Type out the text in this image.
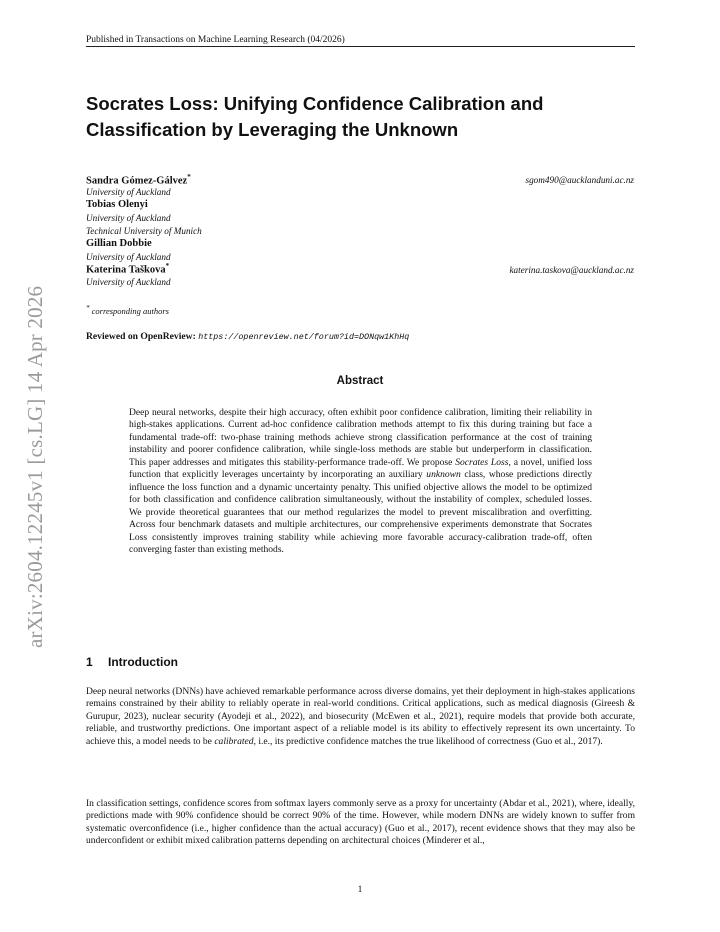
Published in Transactions on Machine Learning Research (04/2026)
arXiv:2604.12245v1 [cs.LG] 14 Apr 2026
Socrates Loss: Unifying Confidence Calibration and Classification by Leveraging the Unknown
Sandra Gómez-Gálvez*	sgom490@aucklanduni.ac.nz
University of Auckland
Tobias Olenyi
University of Auckland
Technical University of Munich
Gillian Dobbie
University of Auckland
Katerina Taškova*	katerina.taskova@auckland.ac.nz
University of Auckland
* corresponding authors
Reviewed on OpenReview: https://openreview.net/forum?id=DONqw1KhHq
Abstract
Deep neural networks, despite their high accuracy, often exhibit poor confidence calibration, limiting their reliability in high-stakes applications. Current ad-hoc confidence calibration methods attempt to fix this during training but face a fundamental trade-off: two-phase training methods achieve strong classification performance at the cost of training instability and poorer confidence calibration, while single-loss methods are stable but underperform in classification. This paper addresses and mitigates this stability-performance trade-off. We propose Socrates Loss, a novel, unified loss function that explicitly leverages uncertainty by incorporating an auxiliary unknown class, whose predictions directly influence the loss function and a dynamic uncertainty penalty. This unified objective allows the model to be optimized for both classification and confidence calibration simultaneously, without the instability of complex, scheduled losses. We provide theoretical guarantees that our method regularizes the model to prevent miscalibration and overfitting. Across four benchmark datasets and multiple architectures, our comprehensive experiments demonstrate that Socrates Loss consistently improves training stability while achieving more favorable accuracy-calibration trade-off, often converging faster than existing methods.
1 Introduction

Deep neural networks (DNNs) have achieved remarkable performance across diverse domains, yet their deployment in high-stakes applications remains constrained by their ability to reliably operate in real-world conditions. Critical applications, such as medical diagnosis (Gireesh & Gurupur, 2023), nuclear security (Ayodeji et al., 2022), and biosecurity (McEwen et al., 2021), require models that provide both accurate, reliable, and trustworthy predictions. One important aspect of a reliable model is its ability to effectively represent its own uncertainty. To achieve this, a model needs to be calibrated, i.e., its predictive confidence matches the true likelihood of correctness (Guo et al., 2017).

In classification settings, confidence scores from softmax layers commonly serve as a proxy for uncertainty (Abdar et al., 2021), where, ideally, predictions made with 90% confidence should be correct 90% of the time. However, while modern DNNs are widely known to suffer from systematic overconfidence (i.e., higher confidence than the actual accuracy) (Guo et al., 2017), recent evidence shows that they may also be underconfident or exhibit mixed calibration patterns depending on architectural choices (Minderer et al.,

1
